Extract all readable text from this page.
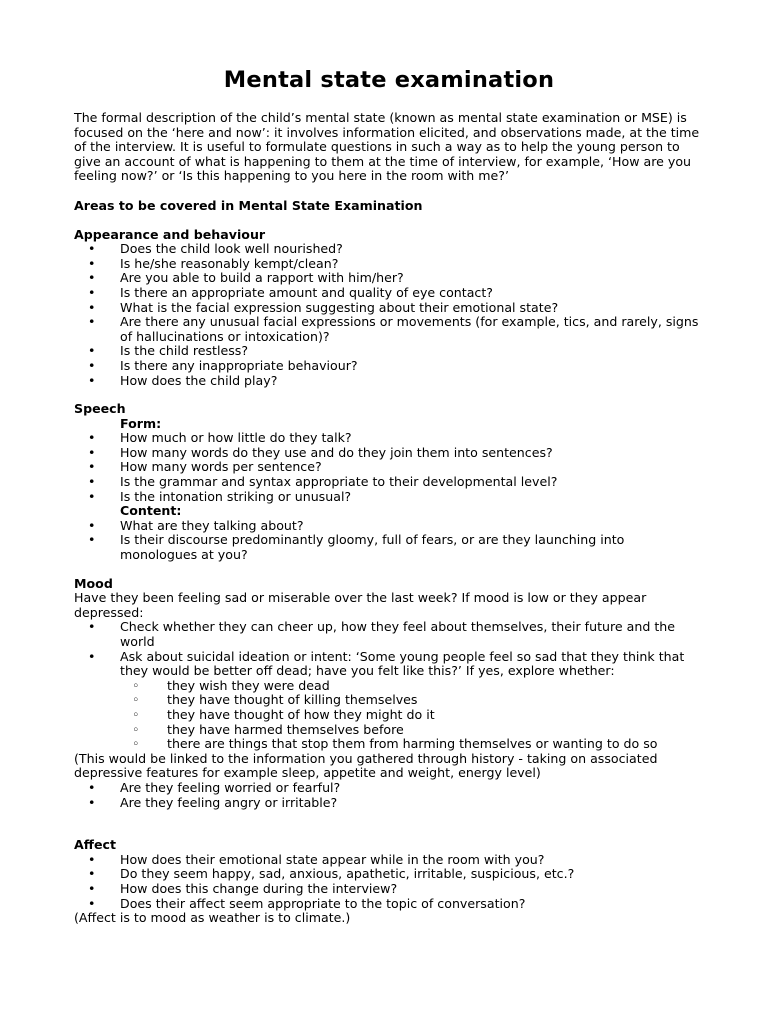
Mental state examination

The formal description of the child’s mental state (known as mental state examination or MSE) is focused on the ‘here and now’: it involves information elicited, and observations made, at the time of the interview. It is useful to formulate questions in such a way as to help the young person to give an account of what is happening to them at the time of interview, for example, ‘How are you feeling now?’ or ‘Is this happening to you here in the room with me?’

Areas to be covered in Mental State Examination

Appearance and behaviour

• Does the child look well nourished?
• Is he/she reasonably kempt/clean?
• Are you able to build a rapport with him/her?
• Is there an appropriate amount and quality of eye contact?
• What is the facial expression suggesting about their emotional state?
• Are there any unusual facial expressions or movements (for example, tics, and rarely, signs of hallucinations or intoxication)?
• Is the child restless?
• Is there any inappropriate behaviour?
• How does the child play?

Speech

Form:

• How much or how little do they talk?
• How many words do they use and do they join them into sentences?
• How many words per sentence?
• Is the grammar and syntax appropriate to their developmental level?
• Is the intonation striking or unusual?

Content:

• What are they talking about?
• Is their discourse predominantly gloomy, full of fears, or are they launching into monologues at you?

Mood

Have they been feeling sad or miserable over the last week? If mood is low or they appear depressed:

• Check whether they can cheer up, how they feel about themselves, their future and the world
• Ask about suicidal ideation or intent: ‘Some young people feel so sad that they think that they would be better off dead; have you felt like this?’ If yes, explore whether:
◦ they wish they were dead
◦ they have thought of killing themselves
◦ they have thought of how they might do it
◦ they have harmed themselves before
◦ there are things that stop them from harming themselves or wanting to do so

(This would be linked to the information you gathered through history - taking on associated depressive features for example sleep, appetite and weight, energy level)

• Are they feeling worried or fearful?
• Are they feeling angry or irritable?

Affect

• How does their emotional state appear while in the room with you?
• Do they seem happy, sad, anxious, apathetic, irritable, suspicious, etc.?
• How does this change during the interview?
• Does their affect seem appropriate to the topic of conversation?

(Affect is to mood as weather is to climate.)
